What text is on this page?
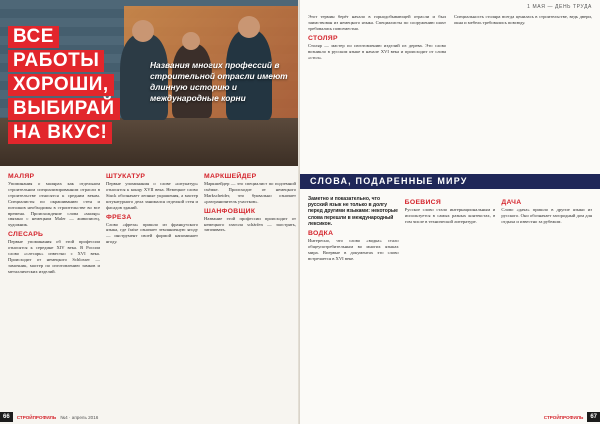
ВСЕ
РАБОТЫ
ХОРОШИ,
ВЫБИРАЙ
НА ВКУС!
Названия многих профессий в строительной отрасли имеют длинную историю и международные корни
МАЛЯР

Упоминания о малярах как отдельном строительном специализированном отрасли в строительстве относятся к средним векам. Специалисты по окрашиванию стен и потолков необходимы в строительстве во все времена. Происхождение слова «маляр» связано с немецким Maler — живописец, художник.

СЛЕСАРЬ

Первые упоминания об этой профессии относятся к середине XIV века. В России слово «слесарь» известно с XVI века. Происходит от немецкого Schlosser — замочник, мастер по изготовлению замков и металлических изделий.

ШТУКАТУР

Первые упоминания о слове «штукатур» относятся к концу XVII века. Немецкое слово Stuck обозначает лепные украшения, а мастер штукатурного дела занимался отделкой стен и фасадов зданий.

ФРЕЗА

Слово «фреза» пришло из французского языка, где fraise означает земляничную ягоду — инструмент своей формой напоминает ягоду.

МАРКШЕЙДЕР

Маркшейдер — это специалист по подземной съёмке. Происходит от немецкого Markscheider, что буквально означает «разграничитель участков».

ШАНФОВЩИК

Название этой профессии происходит от немецкого глагола schärfen — заострять, затачивать.

66	СТРОЙПРОФИЛЬ №4 · апрель 2016
1 МАЯ — ДЕНЬ ТРУДА

Этот термин берёт начало в горнодобывающей отрасли и был заимствован из немецкого языка. Специалисты по сооружению шахт требовались повсеместно.

СТОЛЯР

Столяр — мастер по изготовлению изделий из дерева. Это слово возникло в русском языке в начале XVI века и происходит от слова «стол».

Специальность столяра всегда ценилась в строительстве, ведь двери, окна и мебель требовались повсюду.

СЛОВА, ПОДАРЕННЫЕ МИРУ

Заметно и показательно, что русский язык не только в долгу перед другими языками: некоторые слова перешли в международный лексикон.

ВОДКА

Интересно, что слово «водка» стало общеупотребительным во многих языках мира. Впервые в документах это слово встречается в XVI веке.

БОЕВИСЯ

Русское слово стало интернациональным и используется в самых разных контекстах, в том числе в технической литературе.

ДАЧА

Слово «дача» пришло в другие языки из русского. Оно обозначает загородный дом для отдыха и известно за рубежом.

СТРОЙПРОФИЛЬ	67
